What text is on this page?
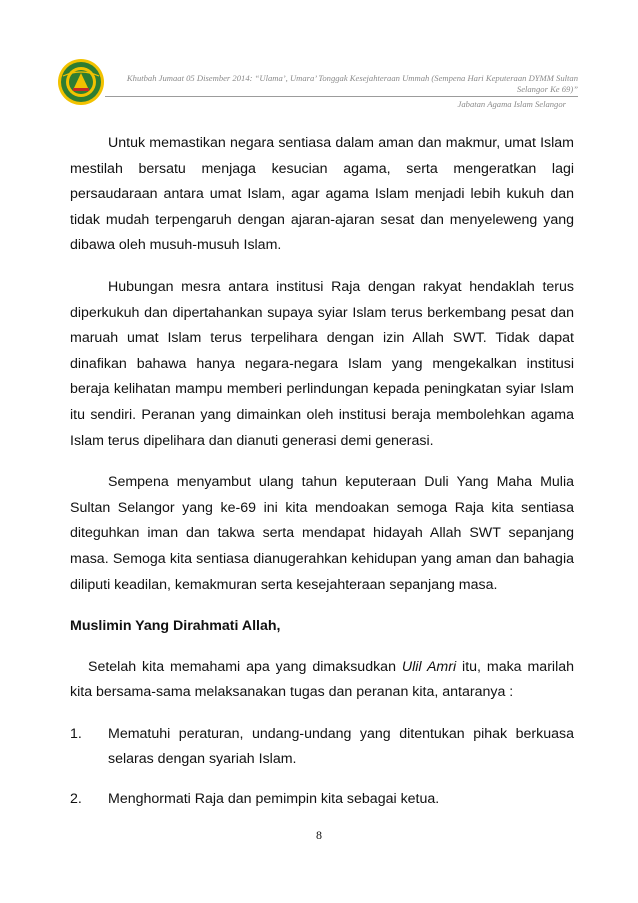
Khutbah Jumaat 05 Disember 2014: “Ulama’, Umara’ Tonggak Kesejahteraan Ummah (Sempena Hari Keputeraan DYMM Sultan
Selangor Ke 69)”
Jabatan Agama Islam Selangor

Untuk memastikan negara sentiasa dalam aman dan makmur, umat Islam mestilah bersatu menjaga kesucian agama, serta mengeratkan lagi persaudaraan antara umat Islam, agar agama Islam menjadi lebih kukuh dan tidak mudah terpengaruh dengan ajaran-ajaran sesat dan menyeleweng yang dibawa oleh musuh-musuh Islam.

Hubungan mesra antara institusi Raja dengan rakyat hendaklah terus diperkukuh dan dipertahankan supaya syiar Islam terus berkembang pesat dan maruah umat Islam terus terpelihara dengan izin Allah SWT. Tidak dapat dinafikan bahawa hanya negara-negara Islam yang mengekalkan institusi beraja kelihatan mampu memberi perlindungan kepada peningkatan syiar Islam itu sendiri. Peranan yang dimainkan oleh institusi beraja membolehkan agama Islam terus dipelihara dan dianuti generasi demi generasi.

Sempena menyambut ulang tahun keputeraan Duli Yang Maha Mulia Sultan Selangor yang ke-69 ini kita mendoakan semoga Raja kita sentiasa diteguhkan iman dan takwa serta mendapat hidayah Allah SWT sepanjang masa. Semoga kita sentiasa dianugerahkan kehidupan yang aman dan bahagia diliputi keadilan, kemakmuran serta kesejahteraan sepanjang masa.

Muslimin Yang Dirahmati Allah,

Setelah kita memahami apa yang dimaksudkan Ulil Amri itu, maka marilah kita bersama-sama melaksanakan tugas dan peranan kita, antaranya :

1. Mematuhi peraturan, undang-undang yang ditentukan pihak berkuasa selaras dengan syariah Islam.
2. Menghormati Raja dan pemimpin kita sebagai ketua.
8
